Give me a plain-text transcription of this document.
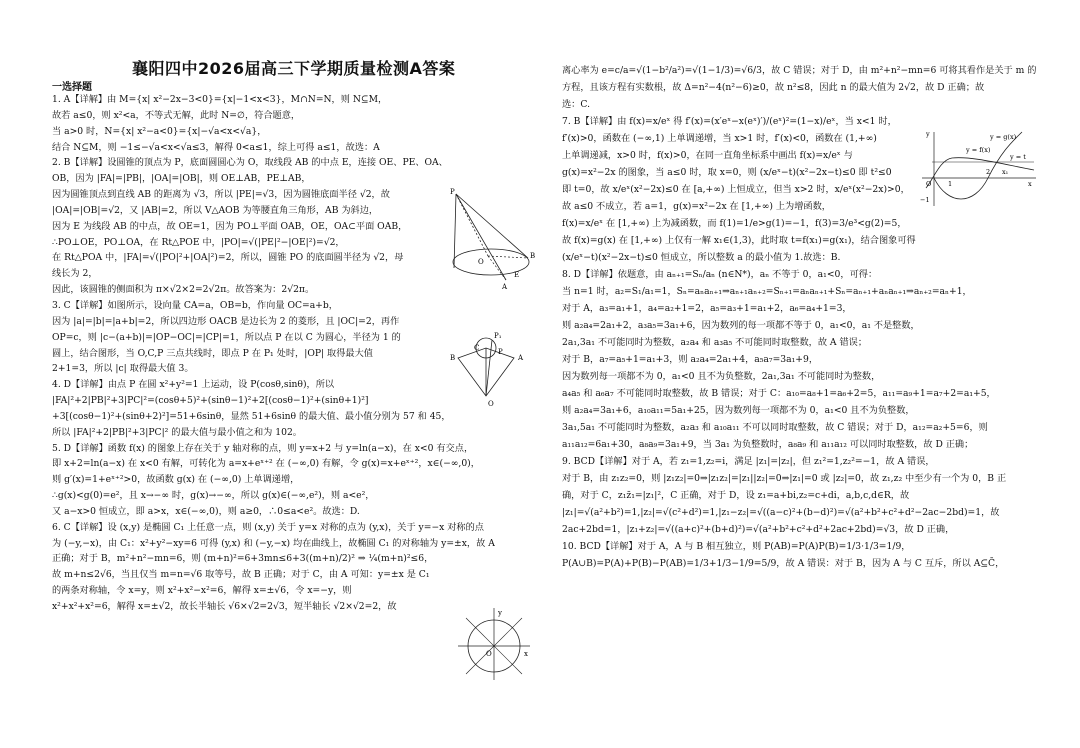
襄阳四中2026届高三下学期质量检测A答案
一选择题
1. A【详解】由 M={x| x²−2x−3<0}={x|−1<x<3}，M∩N=N，则 N⊆M，
故若 a≤0，则 x²<a，不等式无解，此时 N=∅，符合题意，
当 a>0 时，N={x| x²−a<0}={x|−√a<x<√a}，
结合 N⊆M，则 −1≤−√a<x<√a≤3，解得 0<a≤1，综上可得 a≤1，故选：A
2. B【详解】设圆锥的顶点为 P，底面圆圆心为 O，取线段 AB 的中点 E，连接 OE、PE、OA、
OB，因为 |FA|=|PB|，|OA|=|OB|，则 OE⊥AB，PE⊥AB，
因为圆锥顶点到直线 AB 的距离为 √3，所以 |PE|=√3，因为圆锥底面半径 √2，故
|OA|=|OB|=√2，又 |AB|=2，所以 V△AOB 为等腰直角三角形，AB 为斜边，
因为 E 为线段 AB 的中点，故 OE=1，因为 PO⊥平面 OAB，OE，OA⊂平面 OAB，
∴PO⊥OE，PO⊥OA，在 Rt△POE 中，|PO|=√(|PE|²−|OE|²)=√2，
在 Rt△POA 中，|FA|=√(|PO|²+|OA|²)=2，所以，圆锥 PO 的底面圆半径为 √2，母
线长为 2，
因此，该圆锥的侧面积为 π×√2×2=2√2π。故答案为：2√2π。
3. C【详解】如图所示，设向量 CA=a，OB=b，作向量 OC=a+b，
因为 |a|=|b|=|a+b|=2，所以四边形 OACB 是边长为 2 的菱形，且 |OC|=2，再作
OP=c，则 |c−(a+b)|=|OP−OC|=|CP|=1，所以点 P 在以 C 为圆心，半径为 1 的
圆上，结合图形，当 O,C,P 三点共线时，即点 P 在 P₁ 处时，|OP| 取得最大值
2+1=3，所以 |c| 取得最大值 3。
4. D【详解】由点 P 在圆 x²+y²=1 上运动，设 P(cosθ,sinθ)，所以
|FA|²+2|PB|²+3|PC|²=(cosθ+5)²+(sinθ−1)²+2[(cosθ−1)²+(sinθ+1)²]
+3[(cosθ−1)²+(sinθ+2)²]=51+6sinθ，显然 51+6sinθ 的最大值、最小值分别为 57 和 45，
所以 |FA|²+2|PB|²+3|PC|² 的最大值与最小值之和为 102。
5. D【详解】函数 f(x) 的图象上存在关于 y 轴对称的点，则 y=x+2 与 y=ln(a−x)，在 x<0 有交点，
即 x+2=ln(a−x) 在 x<0 有解，可转化为 a=x+eˣ⁺² 在 (−∞,0) 有解，令 g(x)=x+eˣ⁺²，x∈(−∞,0)，
则 g′(x)=1+eˣ⁺²>0，故函数 g(x) 在 (−∞,0) 上单调递增，
∴g(x)<g(0)=e²，且 x→−∞ 时，g(x)→−∞，所以 g(x)∈(−∞,e²)，则 a<e²，
又 a−x>0 恒成立，即 a>x，x∈(−∞,0)，则 a≥0，∴0≤a<e²。故选：D.
6. C【详解】设 (x,y) 是椭圆 C₁ 上任意一点，则 (x,y) 关于 y=x 对称的点为 (y,x)，关于 y=−x 对称的点
为 (−y,−x)，由 C₁：x²+y²−xy=6 可得 (y,x) 和 (−y,−x) 均在曲线上，故椭圆 C₁ 的对称轴为 y=±x，故 A
正确；对于 B，m²+n²−mn=6，则 (m+n)²=6+3mn≤6+3((m+n)/2)² ⇒ ¼(m+n)²≤6，
故 m+n≤2√6，当且仅当 m=n=√6 取等号，故 B 正确；对于 C，由 A 可知：y=±x 是 C₁
的两条对称轴，令 x=y，则 x²+x²−x²=6，解得 x=±√6，令 x=−y，则
x²+x²+x²=6，解得 x=±√2，故长半轴长 √6×√2=2√3，短半轴长 √2×√2=2，故
P
O
E
A
B
B
C
P₁
P
A
O
y
O	x
离心率为 e=c/a=√(1−b²/a²)=√(1−1/3)=√6/3，故 C 错误；对于 D，由 m²+n²−mn=6 可将其看作是关于 m 的
方程，且该方程有实数根，故 Δ=n²−4(n²−6)≥0，故 n²≤8，因此 n 的最大值为 2√2，故 D 正确；故
选：C.
7. B【详解】由 f(x)=x/eˣ 得 f′(x)=(x′eˣ−x(eˣ)′)/(eˣ)²=(1−x)/eˣ，当 x<1 时，
f′(x)>0，函数在 (−∞,1) 上单调递增，当 x>1 时，f′(x)<0，函数在 (1,+∞)
上单调递减，x>0 时，f(x)>0，在同一直角坐标系中画出 f(x)=x/eˣ 与
g(x)=x²−2x 的图象，当 a≤0 时，取 x=0，则 (x/eˣ−t)(x²−2x−t)≤0 即 t²≤0
即 t=0，故 x/eˣ(x²−2x)≤0 在 [a,+∞) 上恒成立，但当 x>2 时，x/eˣ(x²−2x)>0，
故 a≤0 不成立，若 a=1，g(x)=x²−2x 在 [1,+∞) 上为增函数，
f(x)=x/eˣ 在 [1,+∞) 上为减函数，而 f(1)=1/e>g(1)=−1，f(3)=3/e³<g(2)=5，
故 f(x)=g(x) 在 [1,+∞) 上仅有一解 x₁∈(1,3)，此时取 t=f(x₁)=g(x₁)，结合图象可得
(x/eˣ−t)(x²−2x−t)≤0 恒成立，所以整数 a 的最小值为 1.故选：B.
8. D【详解】依题意，由 aₙ₊₁=Sₙ/aₙ (n∈N*)，aₙ 不等于 0，a₁<0，可得：
当 n=1 时，a₂=S₁/a₁=1，Sₙ=aₙaₙ₊₁⇒aₙ₊₁aₙ₊₂=Sₙ₊₁=aₙaₙ₊₁+Sₙ=aₙ₊₁+aₙaₙ₊₁⇒aₙ₊₂=aₙ+1，
对于 A，a₃=a₁+1，a₄=a₂+1=2，a₅=a₃+1=a₁+2，a₆=a₄+1=3，
则 a₂a₄=2a₁+2，a₃a₅=3a₁+6，因为数列的每一项都不等于 0，a₁<0，a₁ 不是整数，
2a₁,3a₁ 不可能同时为整数，a₂a₄ 和 a₃a₅ 不可能同时取整数，故 A 错误；
对于 B，a₇=a₅+1=a₁+3，则 a₂a₄=2a₁+4，a₅a₇=3a₁+9，
因为数列每一项都不为 0，a₁<0 且不为负整数，2a₁,3a₁ 不可能同时为整数，
a₄a₅ 和 a₆a₇ 不可能同时取整数，故 B 错误；对于 C：a₁₀=a₈+1=a₆+2=5，a₁₁=a₉+1=a₇+2=a₁+5，
则 a₂a₄=3a₁+6，a₁₀a₁₁=5a₁+25，因为数列每一项都不为 0，a₁<0 且不为负整数，
3a₁,5a₁ 不可能同时为整数，a₂a₃ 和 a₁₀a₁₁ 不可以同时取整数，故 C 错误；对于 D，a₁₂=a₂+5=6，则
a₁₁a₁₂=6a₁+30，a₈a₉=3a₁+9，当 3a₁ 为负整数时，a₈a₉ 和 a₁₁a₁₂ 可以同时取整数，故 D 正确；
9. BCD【详解】对于 A，若 z₁=1,z₂=i，满足 |z₁|=|z₂|，但 z₁²=1,z₂²=−1，故 A 错误，
对于 B，由 z₁z₂=0，则 |z₁z₂|=0⇒|z₁z₂|=|z₁||z₂|=0⇒|z₁|=0 或 |z₂|=0，故 z₁,z₂ 中至少有一个为 0，B 正
确，对于 C，z₁z̄₁=|z₁|²，C 正确，对于 D，设 z₁=a+bi,z₂=c+di，a,b,c,d∈R，故
|z₁|=√(a²+b²)=1,|z₂|=√(c²+d²)=1,|z₁−z₂|=√((a−c)²+(b−d)²)=√(a²+b²+c²+d²−2ac−2bd)=1，故
2ac+2bd=1，|z₁+z₂|=√((a+c)²+(b+d)²)=√(a²+b²+c²+d²+2ac+2bd)=√3，故 D 正确，
10. BCD【详解】对于 A，A 与 B 相互独立，则 P(AB)=P(A)P(B)=1/3·1/3=1/9，
P(A∪B)=P(A)+P(B)−P(AB)=1/3+1/3−1/9=5/9，故 A 错误：对于 B，因为 A 与 C 互斥，所以 A⊆C̄，
y	y = g(x)
y = f(x)
y = t
O	1
2 x₁
x
−1
